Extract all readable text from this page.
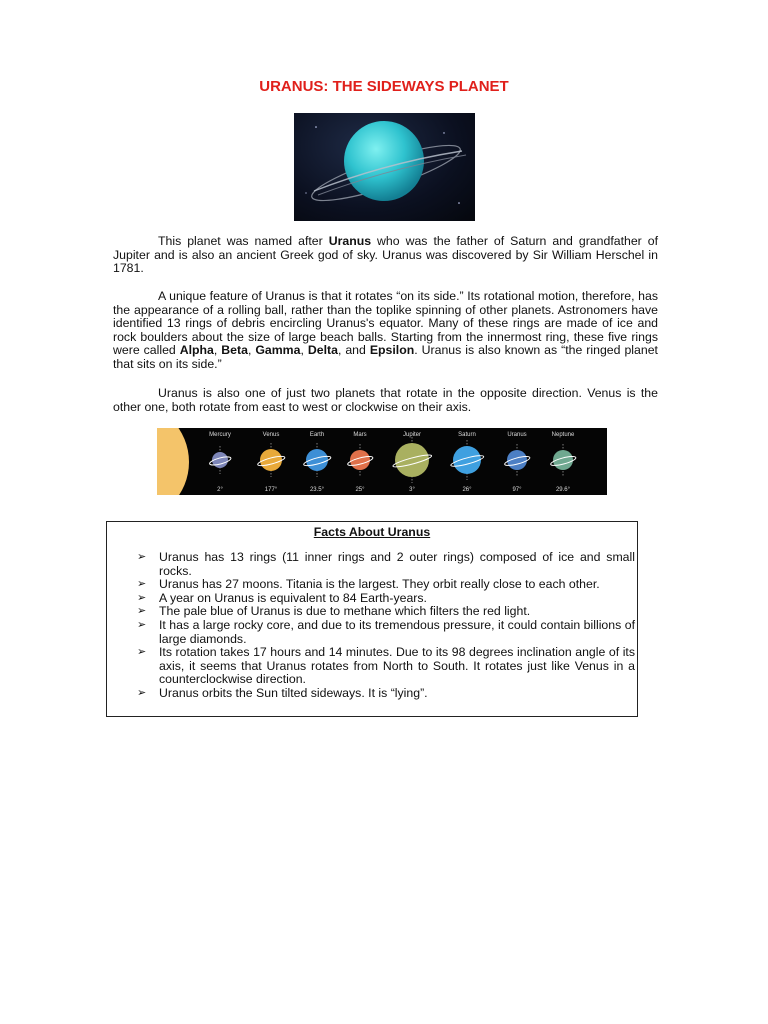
URANUS: THE SIDEWAYS PLANET

This planet was named after Uranus who was the father of Saturn and grandfather of Jupiter and is also an ancient Greek god of sky. Uranus was discovered by Sir William Herschel in 1781.

A unique feature of Uranus is that it rotates “on its side.” Its rotational motion, therefore, has the appearance of a rolling ball, rather than the toplike spinning of other planets. Astronomers have identified 13 rings of debris encircling Uranus's equator. Many of these rings are made of ice and rock boulders about the size of large beach balls. Starting from the innermost ring, these five rings were called Alpha, Beta, Gamma, Delta, and Epsilon. Uranus is also known as “the ringed planet that sits on its side.”

Uranus is also one of just two planets that rotate in the opposite direction. Venus is the other one, both rotate from east to west or clockwise on their axis.

Mercury
2°
Venus
177°
Earth
23.5°
Mars
25°
Jupiter
3°
Saturn
26°
Uranus
97°
Neptune
29.6°
Facts About Uranus
➢ Uranus has 13 rings (11 inner rings and 2 outer rings) composed of ice and small rocks.
➢ Uranus has 27 moons. Titania is the largest. They orbit really close to each other.
➢ A year on Uranus is equivalent to 84 Earth-years.
➢ The pale blue of Uranus is due to methane which filters the red light.
➢ It has a large rocky core, and due to its tremendous pressure, it could contain billions of large diamonds.
➢ Its rotation takes 17 hours and 14 minutes. Due to its 98 degrees inclination angle of its axis, it seems that Uranus rotates from North to South. It rotates just like Venus in a counterclockwise direction.
➢ Uranus orbits the Sun tilted sideways. It is “lying”.
